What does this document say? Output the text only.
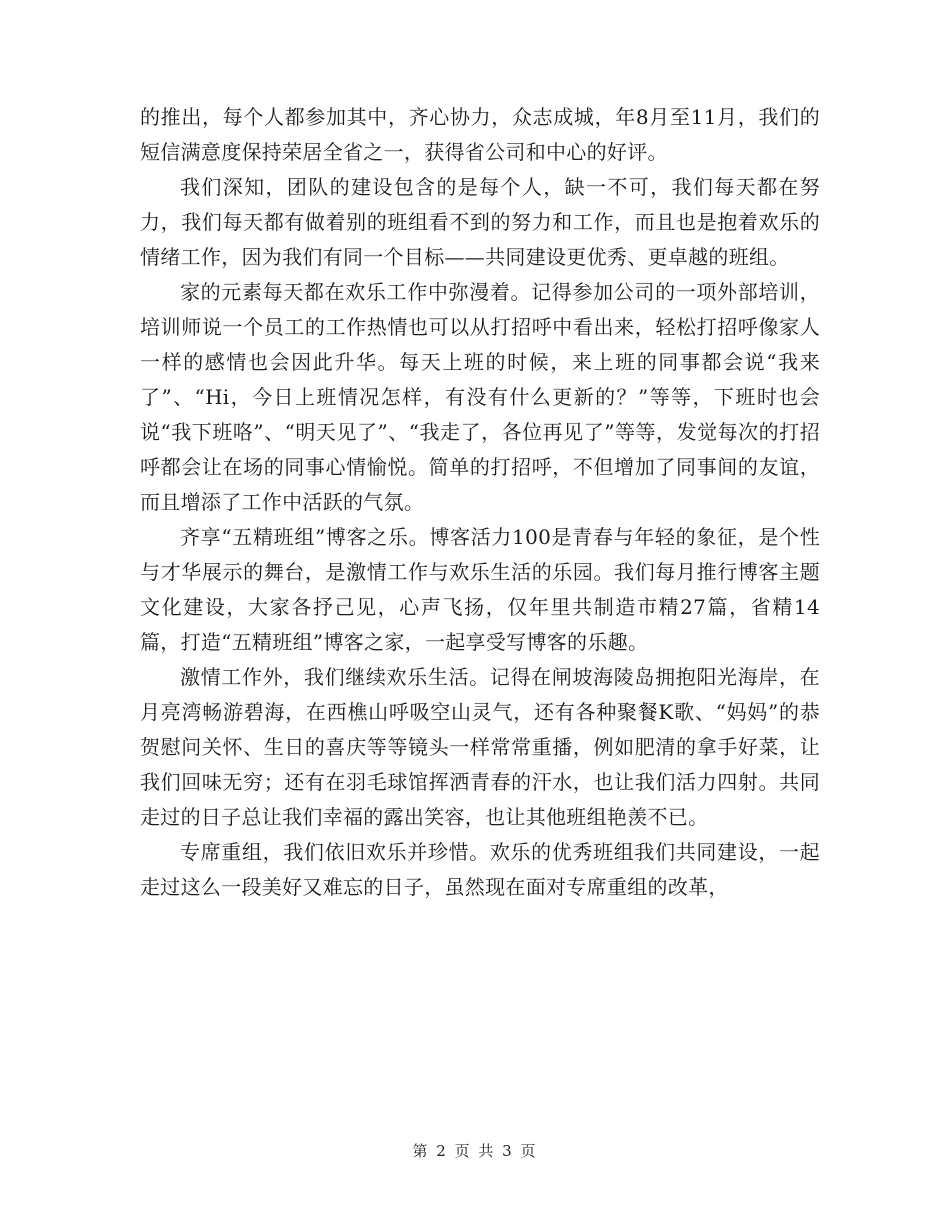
的推出，每个人都参加其中，齐心协力，众志成城，年8月至11月，我们的短信满意度保持荣居全省之一，获得省公司和中心的好评。

我们深知，团队的建设包含的是每个人，缺一不可，我们每天都在努力，我们每天都有做着别的班组看不到的努力和工作，而且也是抱着欢乐的情绪工作，因为我们有同一个目标——共同建设更优秀、更卓越的班组。

家的元素每天都在欢乐工作中弥漫着。记得参加公司的一项外部培训，培训师说一个员工的工作热情也可以从打招呼中看出来，轻松打招呼像家人一样的感情也会因此升华。每天上班的时候，来上班的同事都会说“我来了”、“Hi，今日上班情况怎样，有没有什么更新的？”等等，下班时也会说“我下班咯”、“明天见了”、“我走了，各位再见了”等等，发觉每次的打招呼都会让在场的同事心情愉悦。简单的打招呼，不但增加了同事间的友谊，而且增添了工作中活跃的气氛。

齐享“五精班组”博客之乐。博客活力100是青春与年轻的象征，是个性与才华展示的舞台，是激情工作与欢乐生活的乐园。我们每月推行博客主题文化建设，大家各抒己见，心声飞扬，仅年里共制造市精27篇，省精14篇，打造“五精班组”博客之家，一起享受写博客的乐趣。

激情工作外，我们继续欢乐生活。记得在闸坡海陵岛拥抱阳光海岸，在月亮湾畅游碧海，在西樵山呼吸空山灵气，还有各种聚餐K歌、“妈妈”的恭贺慰问关怀、生日的喜庆等等镜头一样常常重播，例如肥清的拿手好菜，让我们回味无穷；还有在羽毛球馆挥洒青春的汗水，也让我们活力四射。共同走过的日子总让我们幸福的露出笑容，也让其他班组艳羡不已。

专席重组，我们依旧欢乐并珍惜。欢乐的优秀班组我们共同建设，一起走过这么一段美好又难忘的日子，虽然现在面对专席重组的改革，

第 2 页 共 3 页
